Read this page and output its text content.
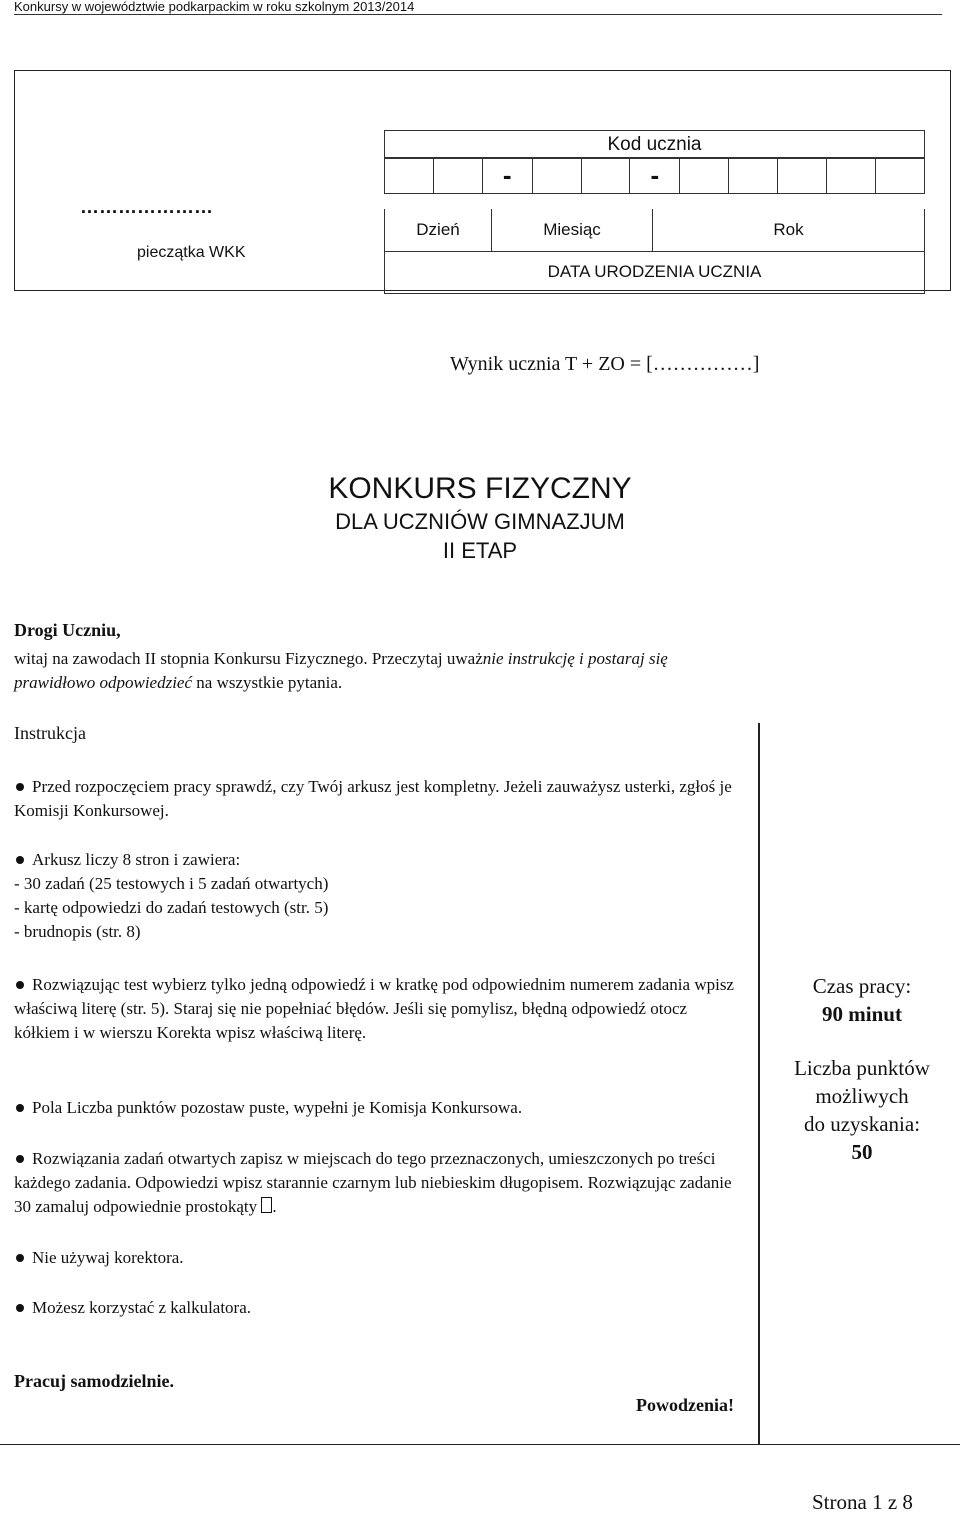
Konkursy w województwie podkarpackim w roku szkolnym 2013/2014
…………………
pieczątka WKK
Kod ucznia
		-			-					
Dzień	Miesiąc	Rok
DATA URODZENIA UCZNIA
Wynik ucznia T + ZO = [……………]
KONKURS FIZYCZNY
DLA UCZNIÓW GIMNAZJUM
II ETAP
Drogi Uczniu,
witaj na zawodach II stopnia Konkursu Fizycznego. Przeczytaj uważnie instrukcję i postaraj się
prawidłowo odpowiedzieć na wszystkie pytania.
Instrukcja
Przed rozpoczęciem pracy sprawdź, czy Twój arkusz jest kompletny. Jeżeli zauważysz usterki, zgłoś je Komisji Konkursowej.
Arkusz liczy 8 stron i zawiera:
- 30 zadań (25 testowych i 5 zadań otwartych)
- kartę odpowiedzi do zadań testowych (str. 5)
- brudnopis (str. 8)
Rozwiązując test wybierz tylko jedną odpowiedź i w kratkę pod odpowiednim numerem zadania wpisz właściwą literę (str. 5). Staraj się nie popełniać błędów. Jeśli się pomylisz, błędną odpowiedź otocz kółkiem i w wierszu Korekta wpisz właściwą literę.
Pola Liczba punktów pozostaw puste, wypełni je Komisja Konkursowa.
Rozwiązania zadań otwartych zapisz w miejscach do tego przeznaczonych, umieszczonych po treści każdego zadania. Odpowiedzi wpisz starannie czarnym lub niebieskim długopisem. Rozwiązując zadanie 30 zamaluj odpowiednie prostokąty .
Nie używaj korektora.
Możesz korzystać z kalkulatora.
Pracuj samodzielnie.
Powodzenia!
Czas pracy:
90 minut
Liczba punktów
możliwych
do uzyskania:
50
Strona 1 z 8
